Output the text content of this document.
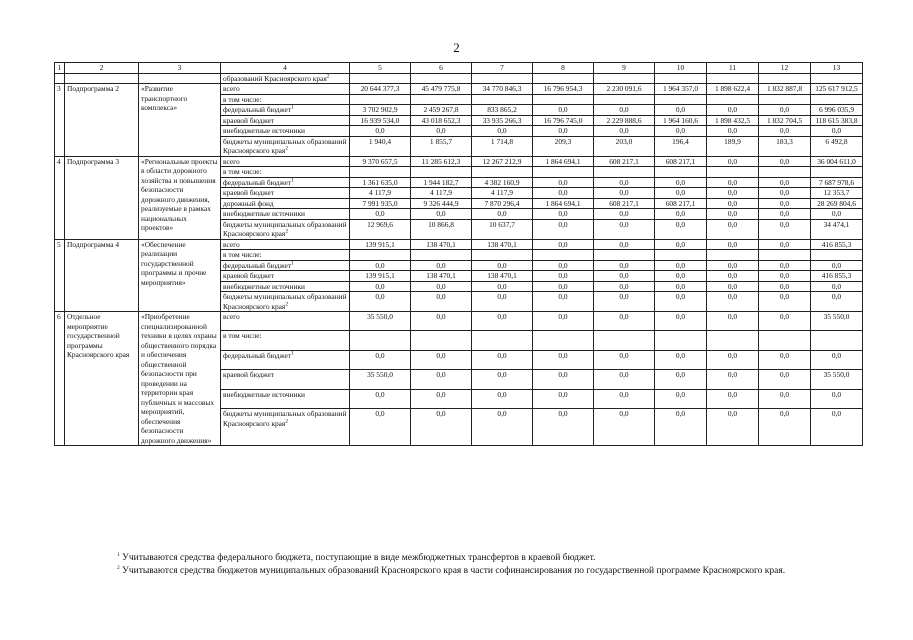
2
1	2	3	4	5	6	7	8	9	10	11	12	13
			образований Красноярского края$^2$									
3	Подпрограмма 2	«Развитие транспортного комплекса»	всего	20 644 377,3	45 479 775,8	34 770 846,3	16 796 954,3	2 230 091,6	1 964 357,0	1 898 622,4	1 832 887,8	125 617 912,5
			в том числе:									
			федеральный бюджет$^1$	3 702 902,9	2 459 267,8	833 865,2	0,0	0,0	0,0	0,0	0,0	6 996 035,9
			краевой бюджет	16 939 534,0	43 018 652,3	33 935 266,3	16 796 745,0	2 229 888,6	1 964 160,6	1 898 432,5	1 832 704,5	118 615 383,8
			внебюджетные источники	0,0	0,0	0,0	0,0	0,0	0,0	0,0	0,0	0,0
			бюджеты муниципальных образований Красноярского края$^2$	1 940,4	1 855,7	1 714,8	209,3	203,0	196,4	189,9	183,3	6 492,8
4	Подпрограмма 3	«Региональные проекты в области дорожного хозяйства и повышения безопасности дорожного движения, реализуемые в рамках национальных проектов»	всего	9 370 657,5	11 285 612,3	12 267 212,9	1 864 694,1	608 217,1	608 217,1	0,0	0,0	36 004 611,0
			в том числе:									
			федеральный бюджет$^1$	1 361 635,0	1 944 182,7	4 382 160,9	0,0	0,0	0,0	0,0	0,0	7 687 978,6
			краевой бюджет	4 117,9	4 117,9	4 117,9	0,0	0,0	0,0	0,0	0,0	12 353,7
			дорожный фонд	7 991 935,0	9 326 444,9	7 870 296,4	1 864 694,1	608 217,1	608 217,1	0,0	0,0	28 269 804,6
			внебюджетные источники	0,0	0,0	0,0	0,0	0,0	0,0	0,0	0,0	0,0
			бюджеты муниципальных образований Красноярского края$^2$	12 969,6	10 866,8	10 637,7	0,0	0,0	0,0	0,0	0,0	34 474,1
5	Подпрограмма 4	«Обеспечение реализации государственной программы и прочие мероприятия»	всего	139 915,1	138 470,1	138 470,1	0,0	0,0	0,0	0,0	0,0	416 855,3
			в том числе:									
			федеральный бюджет$^1$	0,0	0,0	0,0	0,0	0,0	0,0	0,0	0,0	0,0
			краевой бюджет	139 915,1	138 470,1	138 470,1	0,0	0,0	0,0	0,0	0,0	416 855,3
			внебюджетные источники	0,0	0,0	0,0	0,0	0,0	0,0	0,0	0,0	0,0
			бюджеты муниципальных образований Красноярского края$^2$	0,0	0,0	0,0	0,0	0,0	0,0	0,0	0,0	0,0
6	Отдельное мероприятие государственной программы Красноярского края	«Приобретение специализированной техники в целях охраны общественного порядка и обеспечения общественной безопасности при проведении на территории края публичных и массовых мероприятий, обеспечения безопасности дорожного движения»	всего	35 550,0	0,0	0,0	0,0	0,0	0,0	0,0	0,0	35 550,0
			в том числе:									
			федеральный бюджет$^1$	0,0	0,0	0,0	0,0	0,0	0,0	0,0	0,0	0,0
			краевой бюджет	35 550,0	0,0	0,0	0,0	0,0	0,0	0,0	0,0	35 550,0
			внебюджетные источники	0,0	0,0	0,0	0,0	0,0	0,0	0,0	0,0	0,0
			бюджеты муниципальных образований Красноярского края$^2$	0,0	0,0	0,0	0,0	0,0	0,0	0,0	0,0	0,0

$^1$ Учитываются средства федерального бюджета, поступающие в виде межбюджетных трансфертов в краевой бюджет.

$^2$ Учитываются средства бюджетов муниципальных образований Красноярского края в части софинансирования по государственной программе Красноярского края.
